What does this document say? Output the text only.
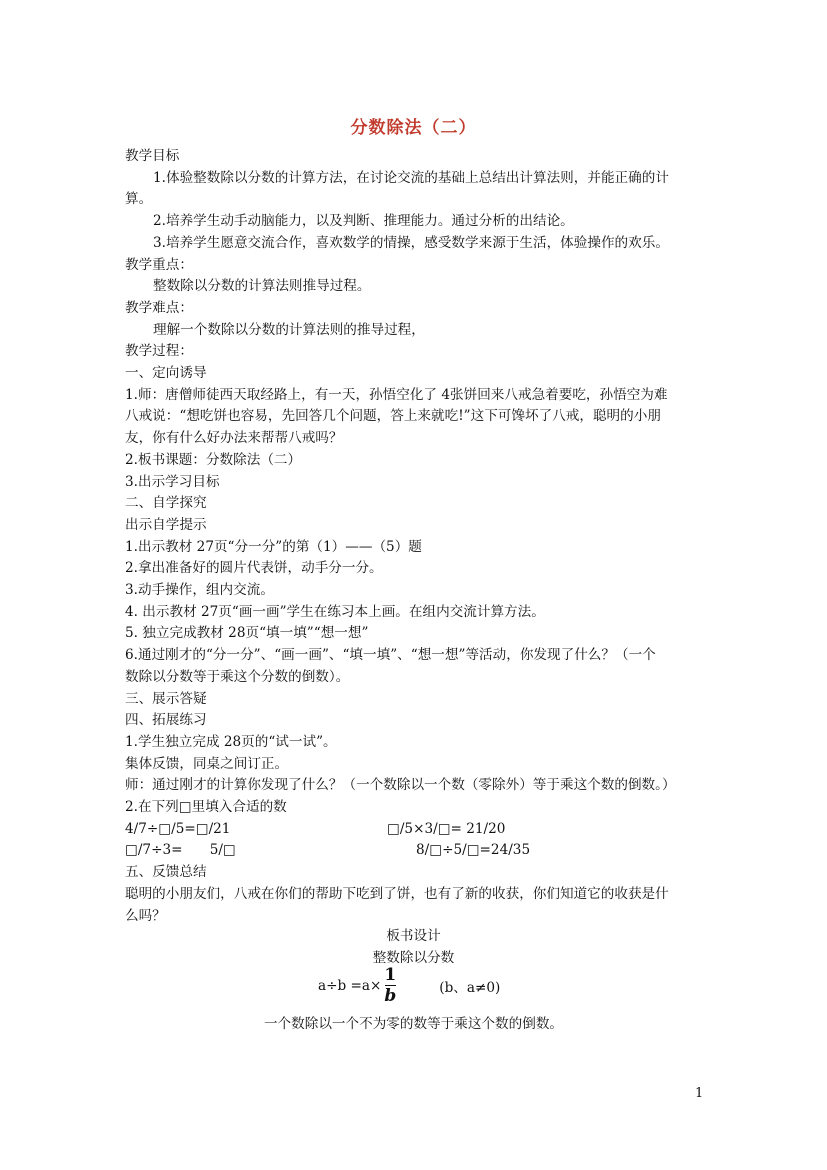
分数除法（二）

教学目标

1.体验整数除以分数的计算方法，在讨论交流的基础上总结出计算法则，并能正确的计

算。

2.培养学生动手动脑能力，以及判断、推理能力。通过分析的出结论。

3.培养学生愿意交流合作，喜欢数学的情操，感受数学来源于生活，体验操作的欢乐。

教学重点：

整数除以分数的计算法则推导过程。

教学难点：

理解一个数除以分数的计算法则的推导过程，

教学过程：

一、定向诱导

1.师：唐僧师徒西天取经路上，有一天，孙悟空化了 4张饼回来八戒急着要吃，孙悟空为难

八戒说：“想吃饼也容易，先回答几个问题，答上来就吃!”这下可馋坏了八戒，聪明的小朋

友，你有什么好办法来帮帮八戒吗？

2.板书课题：分数除法（二）

3.出示学习目标

二、自学探究

出示自学提示

1.出示教材 27页“分一分”的第（1）——（5）题

2.拿出准备好的圆片代表饼，动手分一分。

3.动手操作，组内交流。

4. 出示教材 27页“画一画”学生在练习本上画。在组内交流计算方法。

5. 独立完成教材 28页“填一填”“想一想”

6.通过刚才的“分一分”、“画一画”、“填一填”、“想一想”等活动，你发现了什么？（一个

数除以分数等于乘这个分数的倒数）。

三、展示答疑

四、拓展练习

1.学生独立完成 28页的“试一试”。

集体反馈，同桌之间订正。

师：通过刚才的计算你发现了什么？（一个数除以一个数（零除外）等于乘这个数的倒数。）

2.在下列□里填入合适的数

4/7÷□/5=□/21	□/5×3/□= 21/20
□/7÷3=　　5/□	8/□÷5/□=24/35

五、反馈总结

聪明的小朋友们，八戒在你们的帮助下吃到了饼，也有了新的收获，你们知道它的收获是什

么吗？

板书设计
整数除以分数
$a\div b =a\times \frac{1}{b}$	(b、a≠0)
一个数除以一个不为零的数等于乘这个数的倒数。
1
